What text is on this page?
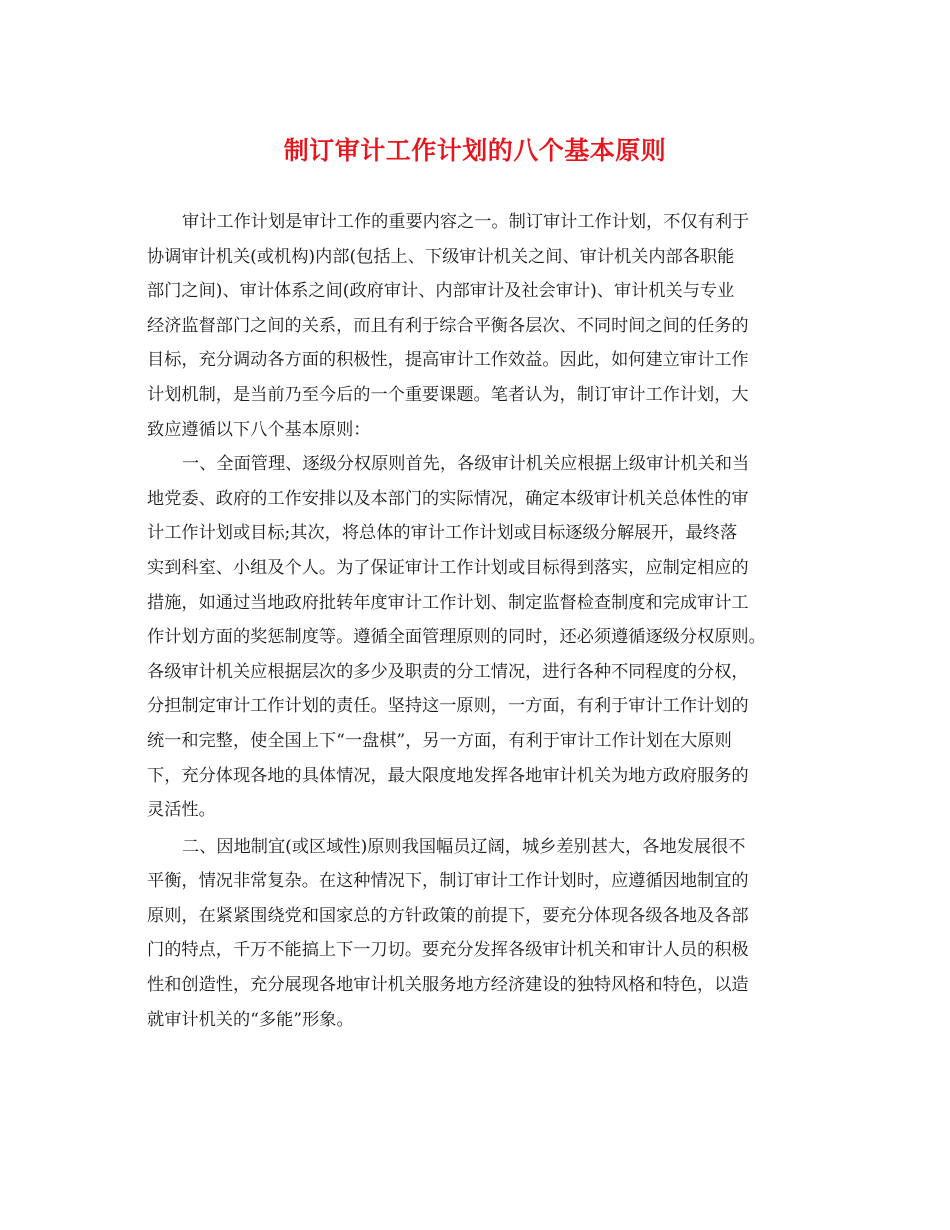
制订审计工作计划的八个基本原则
审计工作计划是审计工作的重要内容之一。制订审计工作计划，不仅有利于
协调审计机关(或机构)内部(包括上、下级审计机关之间、审计机关内部各职能
部门之间)、审计体系之间(政府审计、内部审计及社会审计)、审计机关与专业
经济监督部门之间的关系，而且有利于综合平衡各层次、不同时间之间的任务的
目标，充分调动各方面的积极性，提高审计工作效益。因此，如何建立审计工作
计划机制，是当前乃至今后的一个重要课题。笔者认为，制订审计工作计划，大
致应遵循以下八个基本原则：
一、全面管理、逐级分权原则首先，各级审计机关应根据上级审计机关和当
地党委、政府的工作安排以及本部门的实际情况，确定本级审计机关总体性的审
计工作计划或目标;其次，将总体的审计工作计划或目标逐级分解展开，最终落
实到科室、小组及个人。为了保证审计工作计划或目标得到落实，应制定相应的
措施，如通过当地政府批转年度审计工作计划、制定监督检查制度和完成审计工
作计划方面的奖惩制度等。遵循全面管理原则的同时，还必须遵循逐级分权原则。
各级审计机关应根据层次的多少及职责的分工情况，进行各种不同程度的分权，
分担制定审计工作计划的责任。坚持这一原则，一方面，有利于审计工作计划的
统一和完整，使全国上下“一盘棋”，另一方面，有利于审计工作计划在大原则
下，充分体现各地的具体情况，最大限度地发挥各地审计机关为地方政府服务的
灵活性。
二、因地制宜(或区域性)原则我国幅员辽阔，城乡差别甚大，各地发展很不
平衡，情况非常复杂。在这种情况下，制订审计工作计划时，应遵循因地制宜的
原则，在紧紧围绕党和国家总的方针政策的前提下，要充分体现各级各地及各部
门的特点，千万不能搞上下一刀切。要充分发挥各级审计机关和审计人员的积极
性和创造性，充分展现各地审计机关服务地方经济建设的独特风格和特色，以造
就审计机关的“多能”形象。
